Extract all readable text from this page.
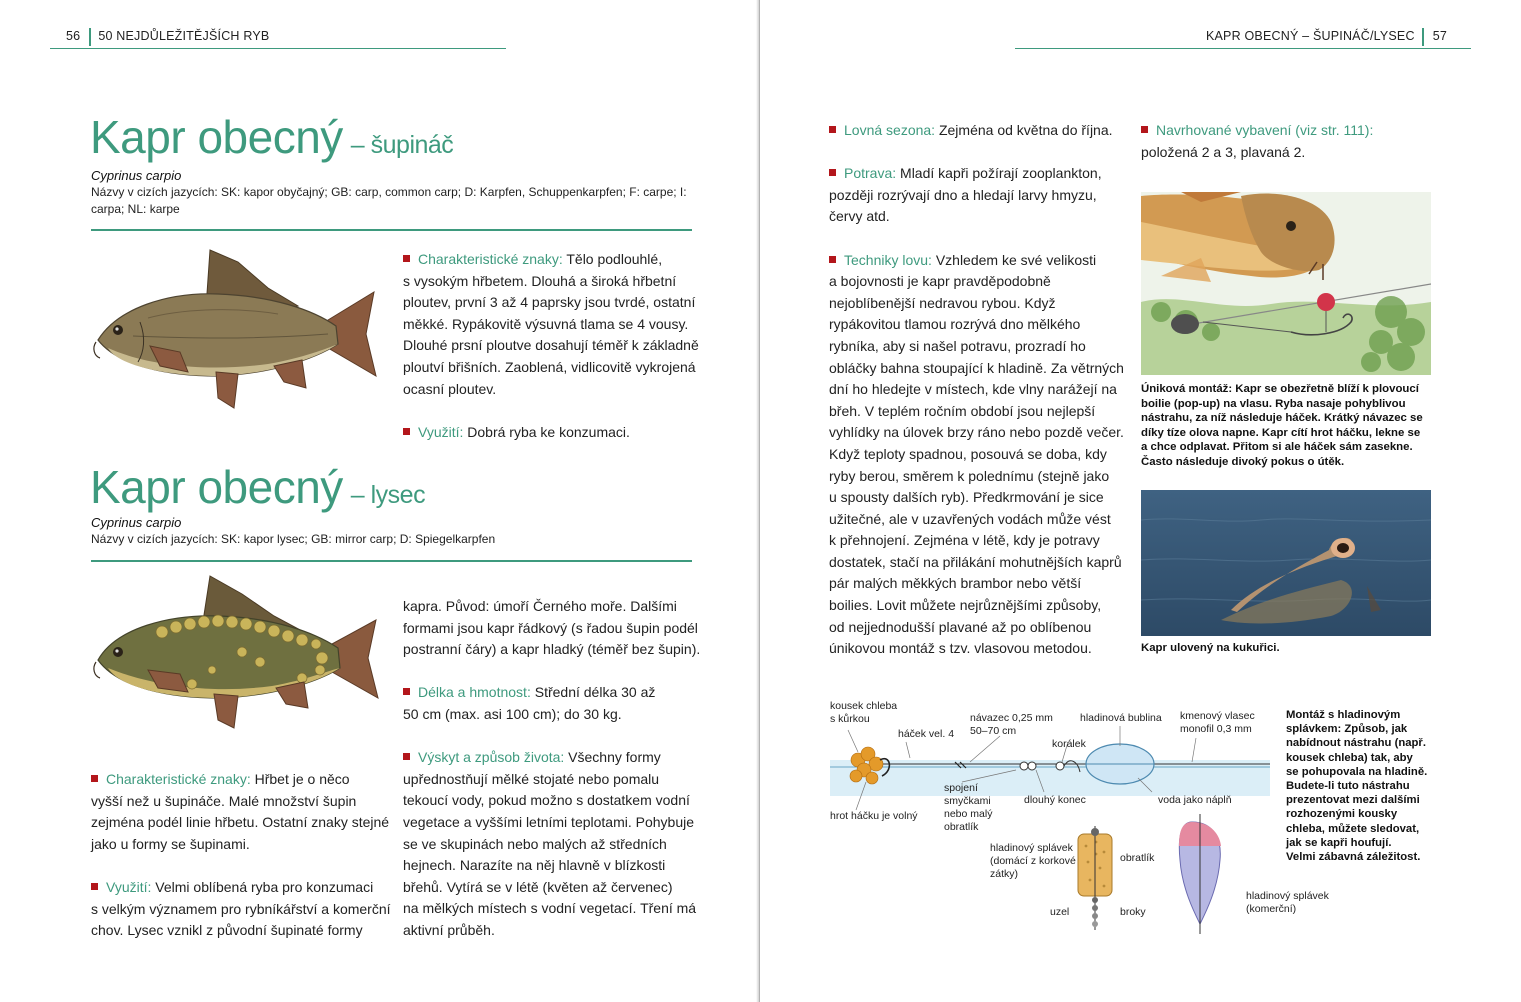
56 50 NEJDŮLEŽITĚJŠÍCH RYB
Kapr obecný – šupináč
Cyprinus carpio
Názvy v cizích jazycích: SK: kapor obyčajný; GB: carp, common carp; D: Karpfen, Schuppenkarpfen; F: carpe; I: carpa; NL: karpe

Charakteristické znaky: Tělo podlouhlé,

s vysokým hřbetem. Dlouhá a široká hřbetní

ploutev, první 3 až 4 paprsky jsou tvrdé, ostatní

měkké. Rypákovitě výsuvná tlama se 4 vousy.

Dlouhé prsní ploutve dosahují téměř k základně

ploutví břišních. Zaoblená, vidlicovitě vykrojená

ocasní ploutev.

Využití: Dobrá ryba ke konzumaci.

Kapr obecný – lysec
Cyprinus carpio
Názvy v cizích jazycích: SK: kapor lysec; GB: mirror carp; D: Spiegelkarpfen

Charakteristické znaky: Hřbet je o něco

vyšší než u šupináče. Malé množství šupin

zejména podél linie hřbetu. Ostatní znaky stejné

jako u formy se šupinami.

Využití: Velmi oblíbená ryba pro konzumaci

s velkým významem pro rybníkářství a komerční

chov. Lysec vznikl z původní šupinaté formy

kapra. Původ: úmoří Černého moře. Dalšími

formami jsou kapr řádkový (s řadou šupin podél

postranní čáry) a kapr hladký (téměř bez šupin).

Délka a hmotnost: Střední délka 30 až

50 cm (max. asi 100 cm); do 30 kg.

Výskyt a způsob života: Všechny formy

upřednostňují mělké stojaté nebo pomalu

tekoucí vody, pokud možno s dostatkem vodní

vegetace a vyššími letními teplotami. Pohybuje

se ve skupinách nebo malých až středních

hejnech. Narazíte na něj hlavně v blízkosti

břehů. Vytírá se v létě (květen až červenec)

na mělkých místech s vodní vegetací. Tření má

aktivní průběh.

KAPR OBECNÝ – ŠUPINÁČ/LYSEC 57

Lovná sezona: Zejména od května do října.

Potrava: Mladí kapři požírají zooplankton,

později rozrývají dno a hledají larvy hmyzu,

červy atd.

Techniky lovu: Vzhledem ke své velikosti

a bojovnosti je kapr pravděpodobně

nejoblíbenější nedravou rybou. Když

rypákovitou tlamou rozrývá dno mělkého

rybníka, aby si našel potravu, prozradí ho

obláčky bahna stoupající k hladině. Za větrných

dní ho hledejte v místech, kde vlny narážejí na

břeh. V teplém ročním období jsou nejlepší

vyhlídky na úlovek brzy ráno nebo pozdě večer.

Když teploty spadnou, posouvá se doba, kdy

ryby berou, směrem k polednímu (stejně jako

u spousty dalších ryb). Předkrmování je sice

užitečné, ale v uzavřených vodách může vést

k přehnojení. Zejména v létě, kdy je potravy

dostatek, stačí na přilákání mohutnějších kaprů

pár malých měkkých brambor nebo větší

boilies. Lovit můžete nejrůznějšími způsoby,

od nejjednodušší plavané až po oblíbenou

únikovou montáž s tzv. vlasovou metodou.

Navrhované vybavení (viz str. 111):

položená 2 a 3, plavaná 2.

Úniková montáž: Kapr se obezřetně blíží k plovoucí
boilie (pop-up) na vlasu. Ryba nasaje pohyblivou
nástrahu, za níž následuje háček. Krátký návazec se
díky tíze olova napne. Kapr cítí hrot háčku, lekne se
a chce odplavat. Přitom si ale háček sám zasekne.
Často následuje divoký pokus o útěk.
Kapr ulovený na kukuřici.
kousek chleba
s kůrkou
háček vel. 4
návazec 0,25 mm
50–70 cm
korálek
hladinová bublina kmenový vlasec
monofil 0,3 mm
hrot háčku je volný
spojení
smyčkami
nebo malý
obratlík
dlouhý konec	voda jako náplň
hladinový splávek
(domácí z korkové
zátky)
obratlík
uzel	broky
hladinový splávek
(komerční)
Montáž s hladinovým
splávkem: Způsob, jak
nabídnout nástrahu (např.
kousek chleba) tak, aby
se pohupovala na hladině.
Budete-li tuto nástrahu
prezentovat mezi dalšími
rozhozenými kousky
chleba, můžete sledovat,
jak se kapři houfují.
Velmi zábavná záležitost.
